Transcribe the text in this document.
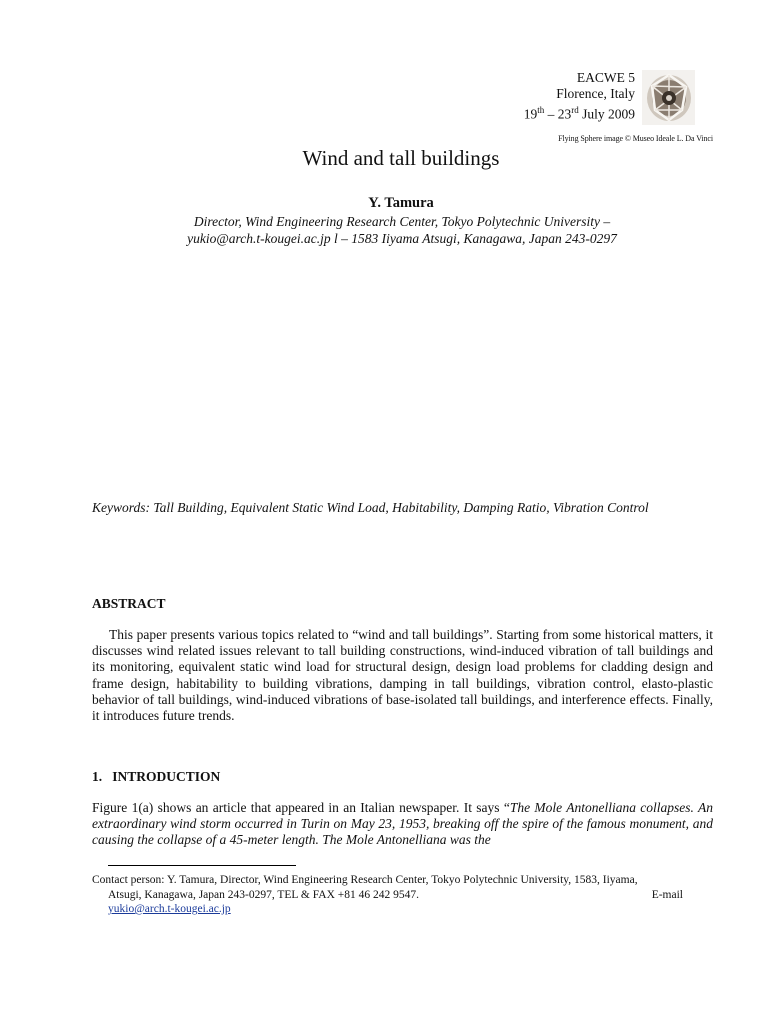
EACWE 5
Florence, Italy
19th – 23rd July 2009
Flying Sphere image © Museo Ideale L. Da Vinci
Wind and tall buildings
Y. Tamura
Director, Wind Engineering Research Center, Tokyo Polytechnic University –
yukio@arch.t-kougei.ac.jp l – 1583 Iiyama Atsugi, Kanagawa, Japan 243-0297
Keywords: Tall Building, Equivalent Static Wind Load, Habitability, Damping Ratio, Vibration Control
ABSTRACT
This paper presents various topics related to “wind and tall buildings”. Starting from some historical matters, it discusses wind related issues relevant to tall building constructions, wind-induced vibration of tall buildings and its monitoring, equivalent static wind load for structural design, design load problems for cladding design and frame design, habitability to building vibrations, damping in tall buildings, vibration control, elasto-plastic behavior of tall buildings, wind-induced vibrations of base-isolated tall buildings, and interference effects. Finally, it introduces future trends.
1.   INTRODUCTION
Figure 1(a) shows an article that appeared in an Italian newspaper. It says “The Mole Antonelliana collapses. An extraordinary wind storm occurred in Turin on May 23, 1953, breaking off the spire of the famous monument, and causing the collapse of a 45-meter length. The Mole Antonelliana was the
Contact person: Y. Tamura, Director, Wind Engineering Research Center, Tokyo Polytechnic University, 1583, Iiyama,
Atsugi, Kanagawa, Japan 243-0297, TEL & FAX +81 46 242 9547.	E-mail
yukio@arch.t-kougei.ac.jp
